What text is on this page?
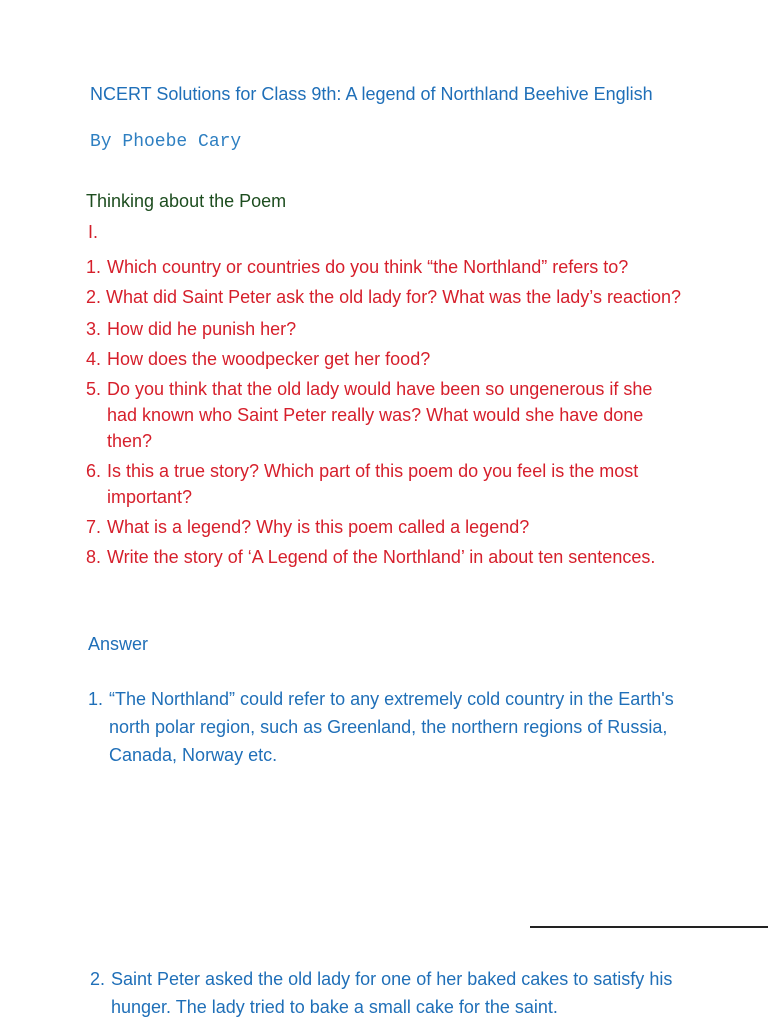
NCERT Solutions for Class 9th: A legend of Northland Beehive English
By Phoebe Cary
Thinking about the Poem
I.
1. Which country or countries do you think “the Northland” refers to?
2. What did Saint Peter ask the old lady for? What was the lady’s reaction?
3. How did he punish her?
4. How does the woodpecker get her food?
5. Do you think that the old lady would have been so ungenerous if she had known who Saint Peter really was? What would she have done then?
6. Is this a true story? Which part of this poem do you feel is the most important?
7. What is a legend? Why is this poem called a legend?
8. Write the story of ‘A Legend of the Northland’ in about ten sentences.
Answer
1. “The Northland” could refer to any extremely cold country in the Earth's north polar region, such as Greenland, the northern regions of Russia, Canada, Norway etc.
2. Saint Peter asked the old lady for one of her baked cakes to satisfy his hunger. The lady tried to bake a small cake for the saint.
